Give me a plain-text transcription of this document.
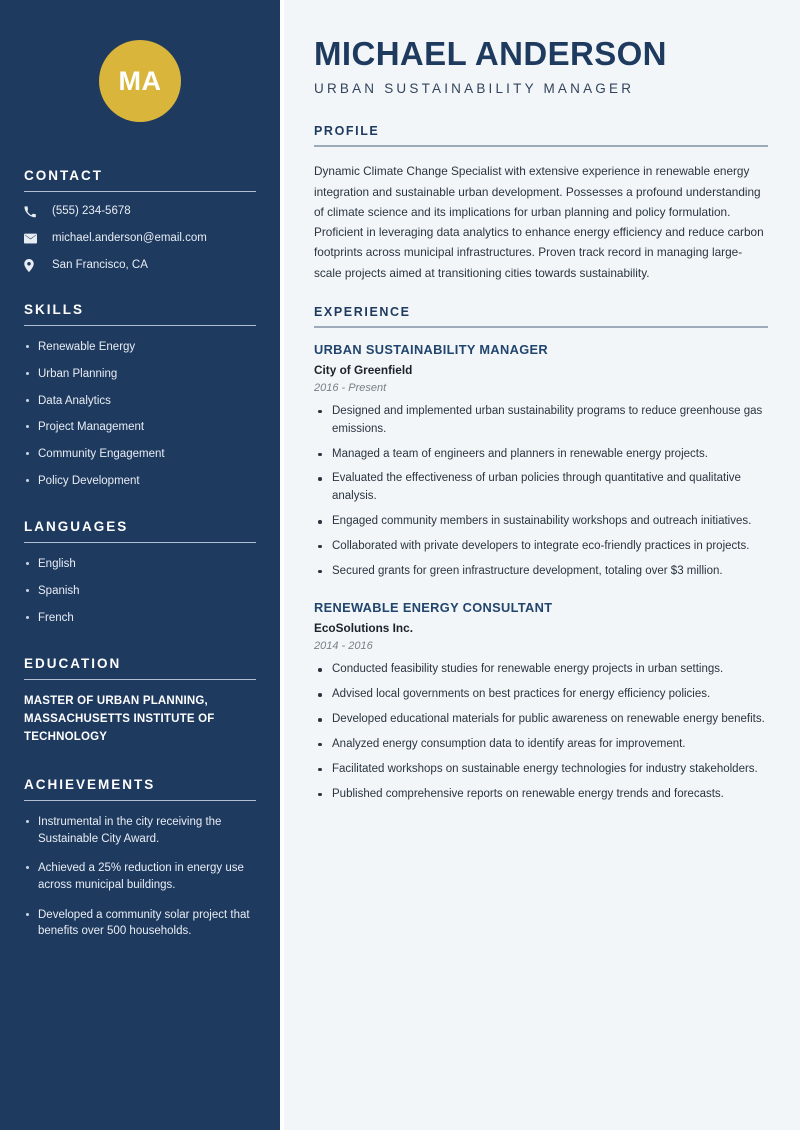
MA
CONTACT
(555) 234-5678
michael.anderson@email.com
San Francisco, CA
SKILLS
Renewable Energy
Urban Planning
Data Analytics
Project Management
Community Engagement
Policy Development
LANGUAGES
English
Spanish
French
EDUCATION
MASTER OF URBAN PLANNING, MASSACHUSETTS INSTITUTE OF TECHNOLOGY
ACHIEVEMENTS
Instrumental in the city receiving the Sustainable City Award.
Achieved a 25% reduction in energy use across municipal buildings.
Developed a community solar project that benefits over 500 households.
MICHAEL ANDERSON
URBAN SUSTAINABILITY MANAGER
PROFILE

Dynamic Climate Change Specialist with extensive experience in renewable energy integration and sustainable urban development. Possesses a profound understanding of climate science and its implications for urban planning and policy formulation. Proficient in leveraging data analytics to enhance energy efficiency and reduce carbon footprints across municipal infrastructures. Proven track record in managing large-scale projects aimed at transitioning cities towards sustainability.

EXPERIENCE
URBAN SUSTAINABILITY MANAGER
City of Greenfield
2016 - Present
Designed and implemented urban sustainability programs to reduce greenhouse gas emissions.
Managed a team of engineers and planners in renewable energy projects.
Evaluated the effectiveness of urban policies through quantitative and qualitative analysis.
Engaged community members in sustainability workshops and outreach initiatives.
Collaborated with private developers to integrate eco-friendly practices in projects.
Secured grants for green infrastructure development, totaling over $3 million.
RENEWABLE ENERGY CONSULTANT
EcoSolutions Inc.
2014 - 2016
Conducted feasibility studies for renewable energy projects in urban settings.
Advised local governments on best practices for energy efficiency policies.
Developed educational materials for public awareness on renewable energy benefits.
Analyzed energy consumption data to identify areas for improvement.
Facilitated workshops on sustainable energy technologies for industry stakeholders.
Published comprehensive reports on renewable energy trends and forecasts.
